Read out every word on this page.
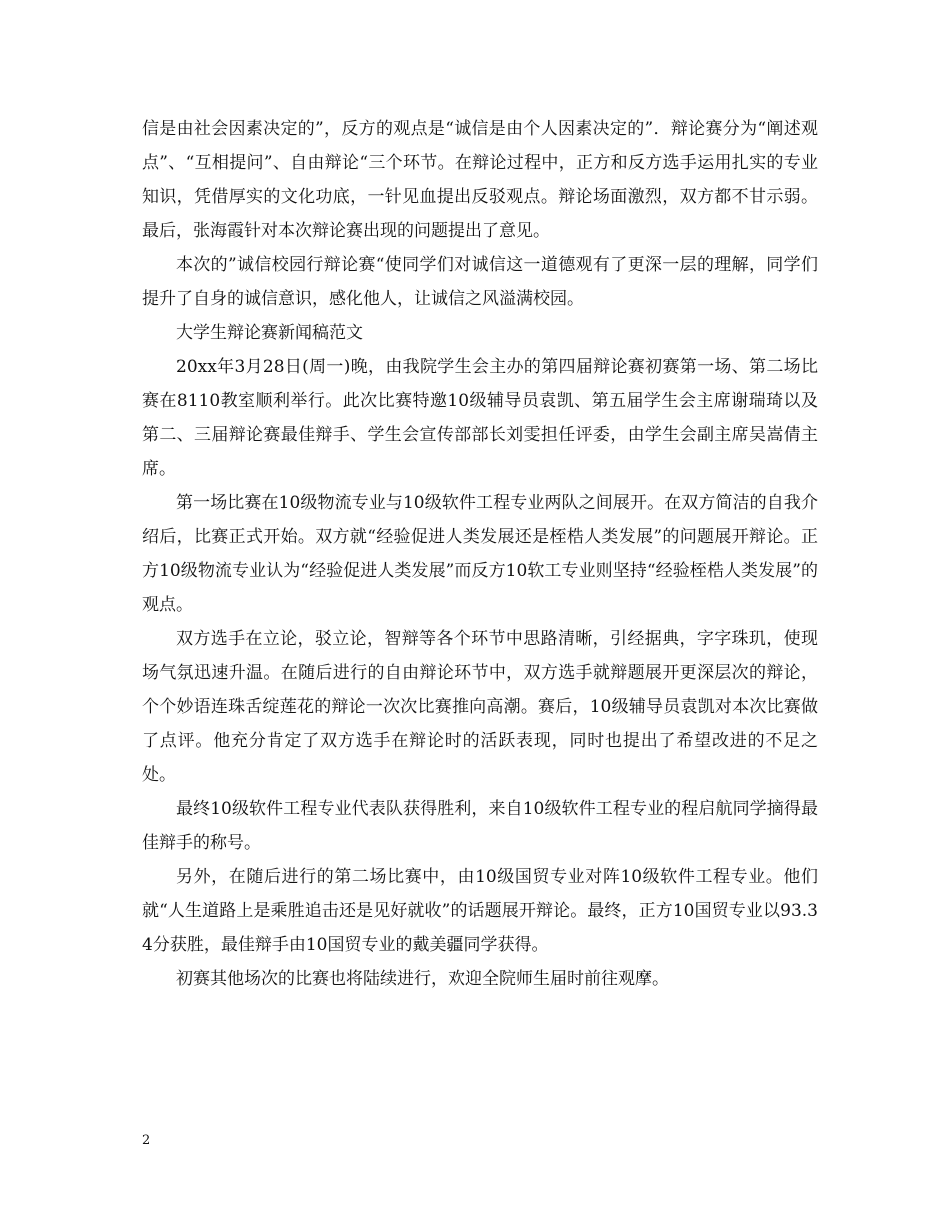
信是由社会因素决定的”，反方的观点是“诚信是由个人因素决定的”．辩论赛分为“阐述观点”、“互相提问”、自由辩论“三个环节。在辩论过程中，正方和反方选手运用扎实的专业知识，凭借厚实的文化功底，一针见血提出反驳观点。辩论场面激烈，双方都不甘示弱。最后，张海霞针对本次辩论赛出现的问题提出了意见。

本次的”诚信校园行辩论赛“使同学们对诚信这一道德观有了更深一层的理解，同学们提升了自身的诚信意识，感化他人，让诚信之风溢满校园。

大学生辩论赛新闻稿范文

20xx年3月28日(周一)晚，由我院学生会主办的第四届辩论赛初赛第一场、第二场比赛在8110教室顺利举行。此次比赛特邀10级辅导员袁凯、第五届学生会主席谢瑞琦以及第二、三届辩论赛最佳辩手、学生会宣传部部长刘雯担任评委，由学生会副主席吴嵩倩主席。

第一场比赛在10级物流专业与10级软件工程专业两队之间展开。在双方简洁的自我介绍后，比赛正式开始。双方就“经验促进人类发展还是桎梏人类发展”的问题展开辩论。正方10级物流专业认为“经验促进人类发展”而反方10软工专业则坚持“经验桎梏人类发展”的观点。

双方选手在立论，驳立论，智辩等各个环节中思路清晰，引经据典，字字珠玑，使现场气氛迅速升温。在随后进行的自由辩论环节中，双方选手就辩题展开更深层次的辩论，个个妙语连珠舌绽莲花的辩论一次次比赛推向高潮。赛后，10级辅导员袁凯对本次比赛做了点评。他充分肯定了双方选手在辩论时的活跃表现，同时也提出了希望改进的不足之处。

最终10级软件工程专业代表队获得胜利，来自10级软件工程专业的程启航同学摘得最佳辩手的称号。

另外，在随后进行的第二场比赛中，由10级国贸专业对阵10级软件工程专业。他们就“人生道路上是乘胜追击还是见好就收”的话题展开辩论。最终，正方10国贸专业以93.34分获胜，最佳辩手由10国贸专业的戴美疆同学获得。

初赛其他场次的比赛也将陆续进行，欢迎全院师生届时前往观摩。

2
